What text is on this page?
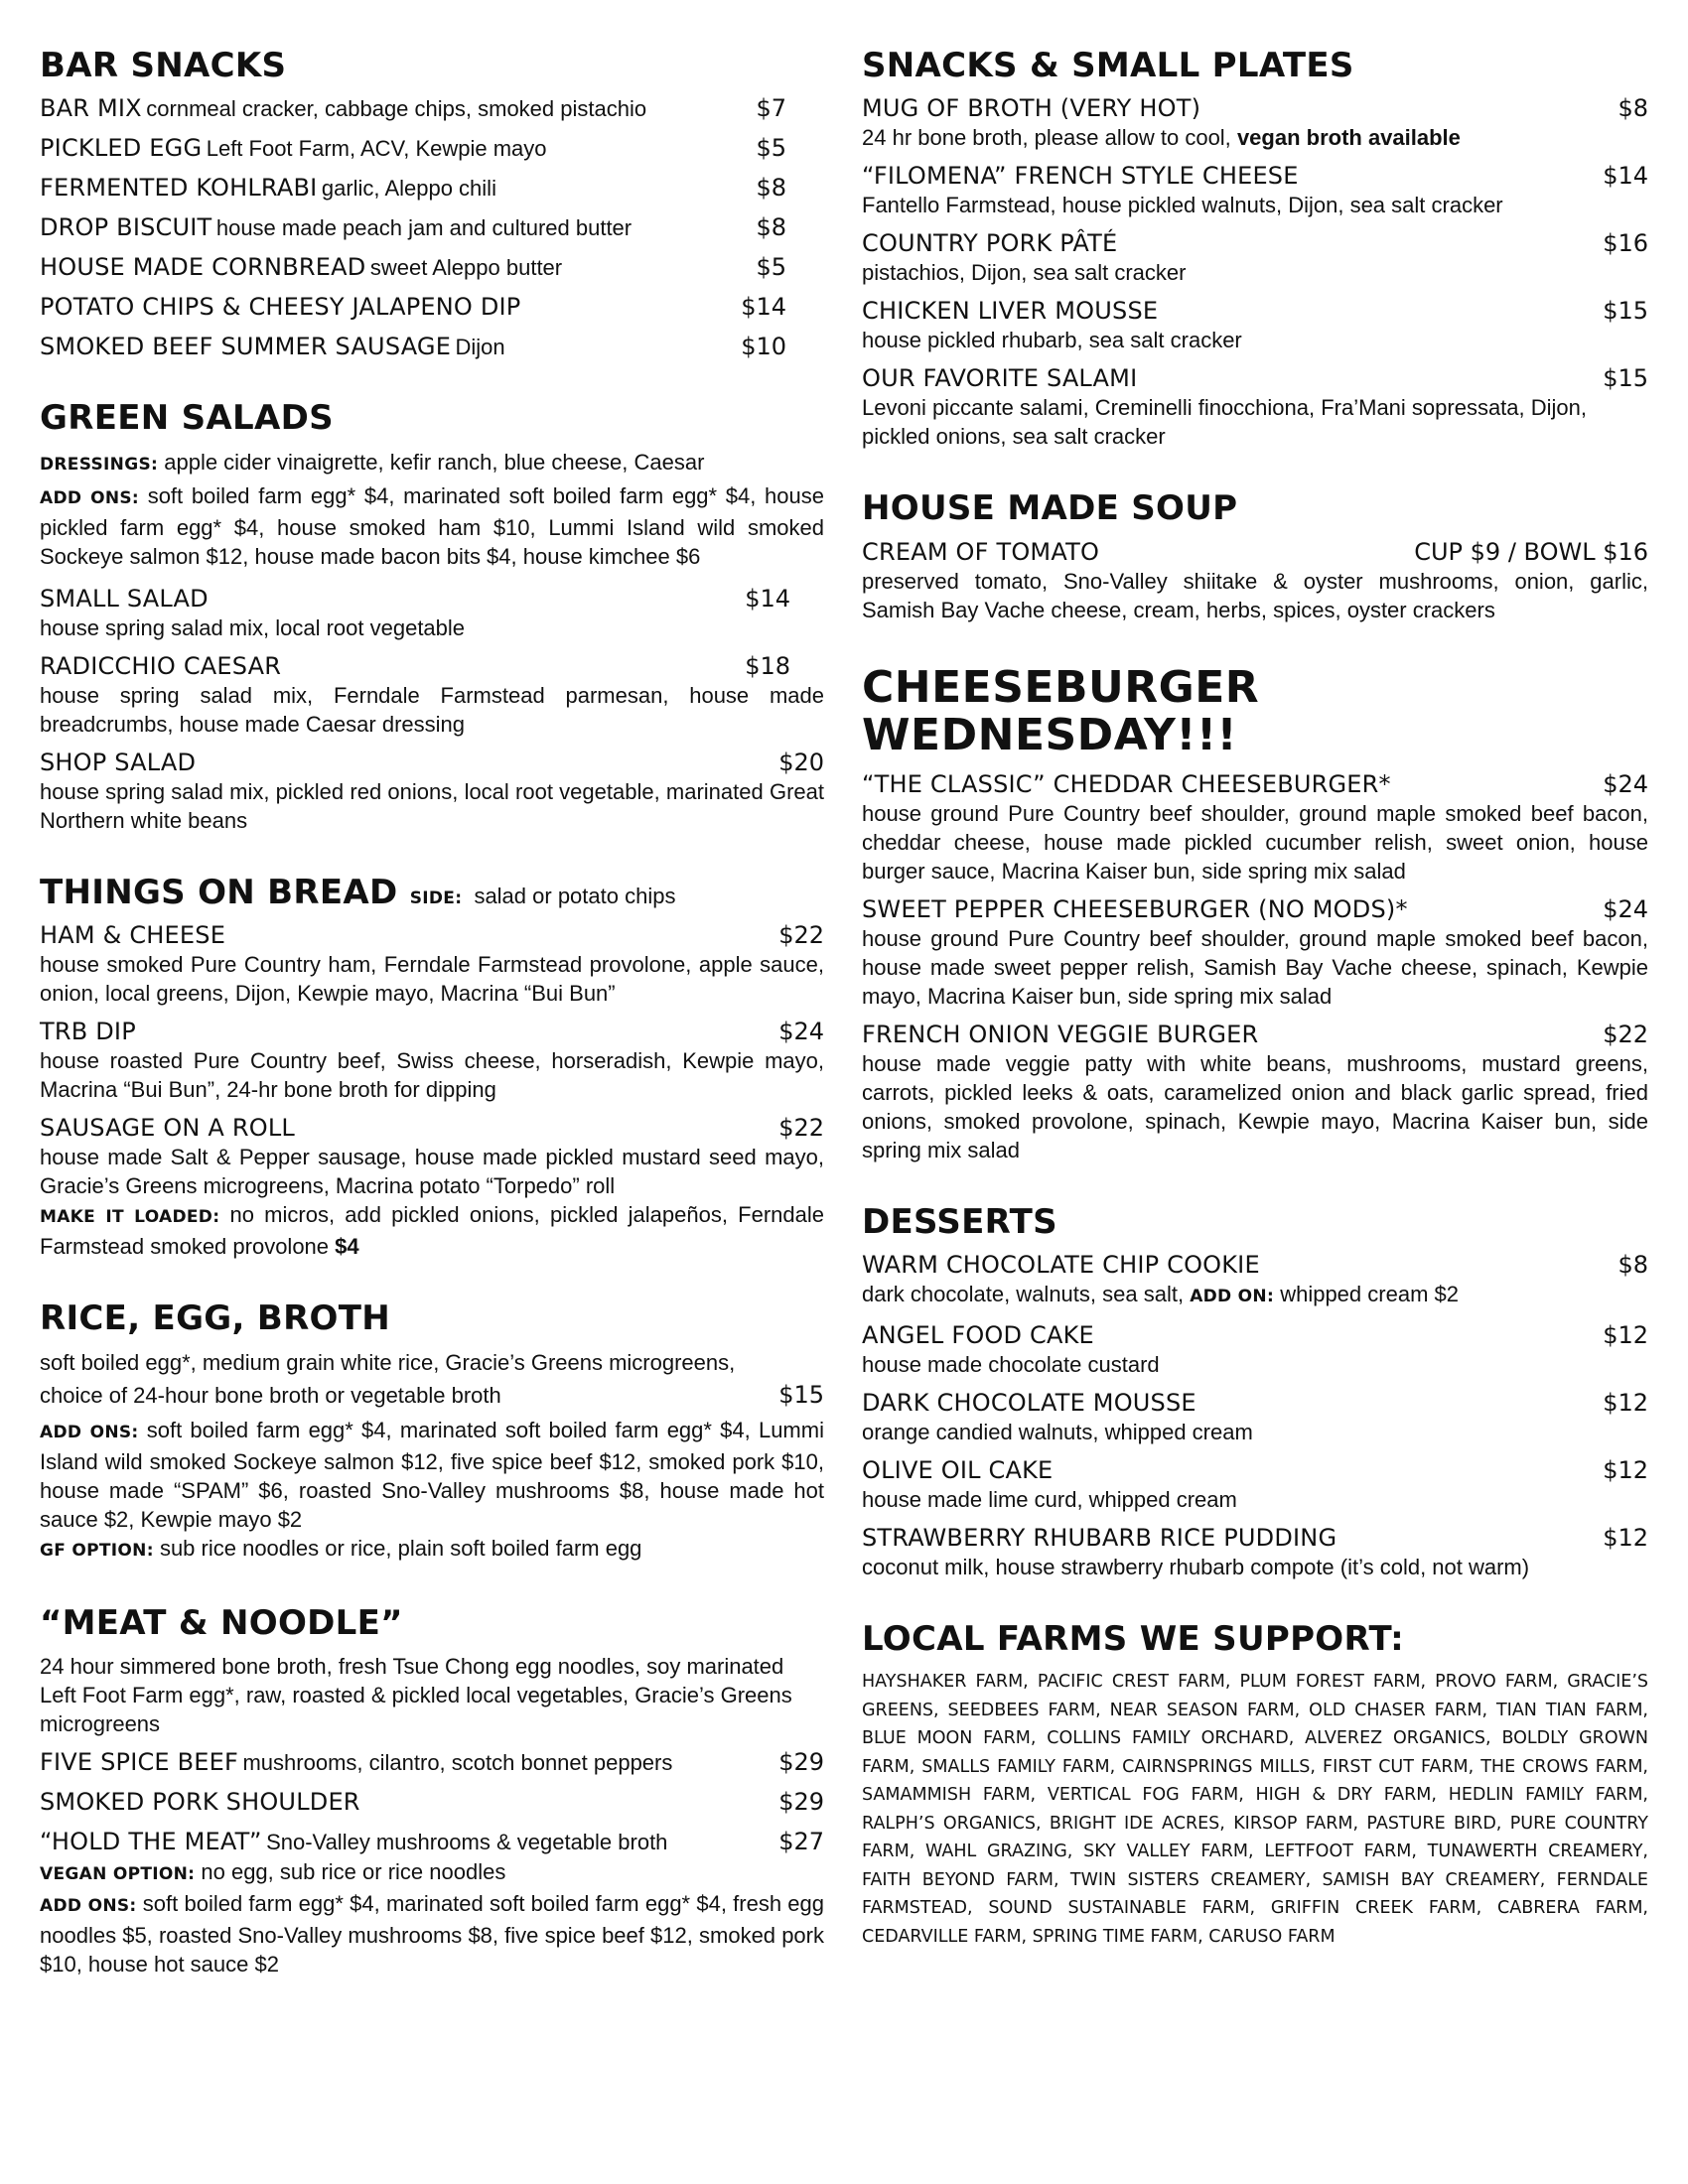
BAR SNACKS
BAR MIX cornmeal cracker, cabbage chips, smoked pistachio	$7
PICKLED EGG Left Foot Farm, ACV, Kewpie mayo	$5
FERMENTED KOHLRABI garlic, Aleppo chili	$8
DROP BISCUIT house made peach jam and cultured butter	$8
HOUSE MADE CORNBREAD sweet Aleppo butter	$5
POTATO CHIPS & CHEESY JALAPENO DIP	$14
SMOKED BEEF SUMMER SAUSAGE Dijon	$10
GREEN SALADS
DRESSINGS: apple cider vinaigrette, kefir ranch, blue cheese, Caesar
ADD ONS: soft boiled farm egg* $4, marinated soft boiled farm egg* $4, house pickled farm egg* $4, house smoked ham $10, Lummi Island wild smoked Sockeye salmon $12, house made bacon bits $4, house kimchee $6
SMALL SALAD	$14
house spring salad mix, local root vegetable
RADICCHIO CAESAR	$18
house spring salad mix, Ferndale Farmstead parmesan, house made breadcrumbs, house made Caesar dressing
SHOP SALAD	$20
house spring salad mix, pickled red onions, local root vegetable, marinated Great Northern white beans
THINGS ON BREAD SIDE: salad or potato chips
HAM & CHEESE	$22
house smoked Pure Country ham, Ferndale Farmstead provolone, apple sauce, onion, local greens, Dijon, Kewpie mayo, Macrina “Bui Bun”
TRB DIP	$24
house roasted Pure Country beef, Swiss cheese, horseradish, Kewpie mayo, Macrina “Bui Bun”, 24-hr bone broth for dipping
SAUSAGE ON A ROLL	$22
house made Salt & Pepper sausage, house made pickled mustard seed mayo, Gracie’s Greens microgreens, Macrina potato “Torpedo” roll
MAKE IT LOADED: no micros, add pickled onions, pickled jalapeños, Ferndale Farmstead smoked provolone $4
RICE, EGG, BROTH
soft boiled egg*, medium grain white rice, Gracie’s Greens microgreens,
choice of 24-hour bone broth or vegetable broth	$15
ADD ONS: soft boiled farm egg* $4, marinated soft boiled farm egg* $4, Lummi Island wild smoked Sockeye salmon $12, five spice beef $12, smoked pork $10, house made “SPAM” $6, roasted Sno-Valley mushrooms $8, house made hot sauce $2, Kewpie mayo $2
GF OPTION: sub rice noodles or rice, plain soft boiled farm egg
“MEAT & NOODLE”
24 hour simmered bone broth, fresh Tsue Chong egg noodles, soy marinated Left Foot Farm egg*, raw, roasted & pickled local vegetables, Gracie’s Greens microgreens
FIVE SPICE BEEF mushrooms, cilantro, scotch bonnet peppers	$29
SMOKED PORK SHOULDER	$29
“HOLD THE MEAT” Sno-Valley mushrooms & vegetable broth	$27
VEGAN OPTION: no egg, sub rice or rice noodles
ADD ONS: soft boiled farm egg* $4, marinated soft boiled farm egg* $4, fresh egg noodles $5, roasted Sno-Valley mushrooms $8, five spice beef $12, smoked pork $10, house hot sauce $2
SNACKS & SMALL PLATES
MUG OF BROTH (VERY HOT)	$8
24 hr bone broth, please allow to cool, vegan broth available
“FILOMENA” FRENCH STYLE CHEESE	$14
Fantello Farmstead, house pickled walnuts, Dijon, sea salt cracker
COUNTRY PORK PÂTÉ	$16
pistachios, Dijon, sea salt cracker
CHICKEN LIVER MOUSSE	$15
house pickled rhubarb, sea salt cracker
OUR FAVORITE SALAMI	$15
Levoni piccante salami, Creminelli finocchiona, Fra’Mani sopressata, Dijon, pickled onions, sea salt cracker
HOUSE MADE SOUP
CREAM OF TOMATO	CUP $9 / BOWL $16
preserved tomato, Sno-Valley shiitake & oyster mushrooms, onion, garlic, Samish Bay Vache cheese, cream, herbs, spices, oyster crackers
CHEESEBURGER WEDNESDAY!!!
“THE CLASSIC” CHEDDAR CHEESEBURGER*	$24
house ground Pure Country beef shoulder, ground maple smoked beef bacon, cheddar cheese, house made pickled cucumber relish, sweet onion, house burger sauce, Macrina Kaiser bun, side spring mix salad
SWEET PEPPER CHEESEBURGER (NO MODS)*	$24
house ground Pure Country beef shoulder, ground maple smoked beef bacon, house made sweet pepper relish, Samish Bay Vache cheese, spinach, Kewpie mayo, Macrina Kaiser bun, side spring mix salad
FRENCH ONION VEGGIE BURGER	$22
house made veggie patty with white beans, mushrooms, mustard greens, carrots, pickled leeks & oats, caramelized onion and black garlic spread, fried onions, smoked provolone, spinach, Kewpie mayo, Macrina Kaiser bun, side spring mix salad
DESSERTS
WARM CHOCOLATE CHIP COOKIE	$8
dark chocolate, walnuts, sea salt, ADD ON: whipped cream $2
ANGEL FOOD CAKE	$12
house made chocolate custard
DARK CHOCOLATE MOUSSE	$12
orange candied walnuts, whipped cream
OLIVE OIL CAKE	$12
house made lime curd, whipped cream
STRAWBERRY RHUBARB RICE PUDDING	$12
coconut milk, house strawberry rhubarb compote (it’s cold, not warm)
LOCAL FARMS WE SUPPORT:
HAYSHAKER FARM, PACIFIC CREST FARM, PLUM FOREST FARM, PROVO FARM, GRACIE’S GREENS, SEEDBEES FARM, NEAR SEASON FARM, OLD CHASER FARM, TIAN TIAN FARM, BLUE MOON FARM, COLLINS FAMILY ORCHARD, ALVEREZ ORGANICS, BOLDLY GROWN FARM, SMALLS FAMILY FARM, CAIRNSPRINGS MILLS, FIRST CUT FARM, THE CROWS FARM, SAMAMMISH FARM, VERTICAL FOG FARM, HIGH & DRY FARM, HEDLIN FAMILY FARM, RALPH’S ORGANICS, BRIGHT IDE ACRES, KIRSOP FARM, PASTURE BIRD, PURE COUNTRY FARM, WAHL GRAZING, SKY VALLEY FARM, LEFTFOOT FARM, TUNAWERTH CREAMERY, FAITH BEYOND FARM, TWIN SISTERS CREAMERY, SAMISH BAY CREAMERY, FERNDALE FARMSTEAD, SOUND SUSTAINABLE FARM, GRIFFIN CREEK FARM, CABRERA FARM, CEDARVILLE FARM, SPRING TIME FARM, CARUSO FARM
